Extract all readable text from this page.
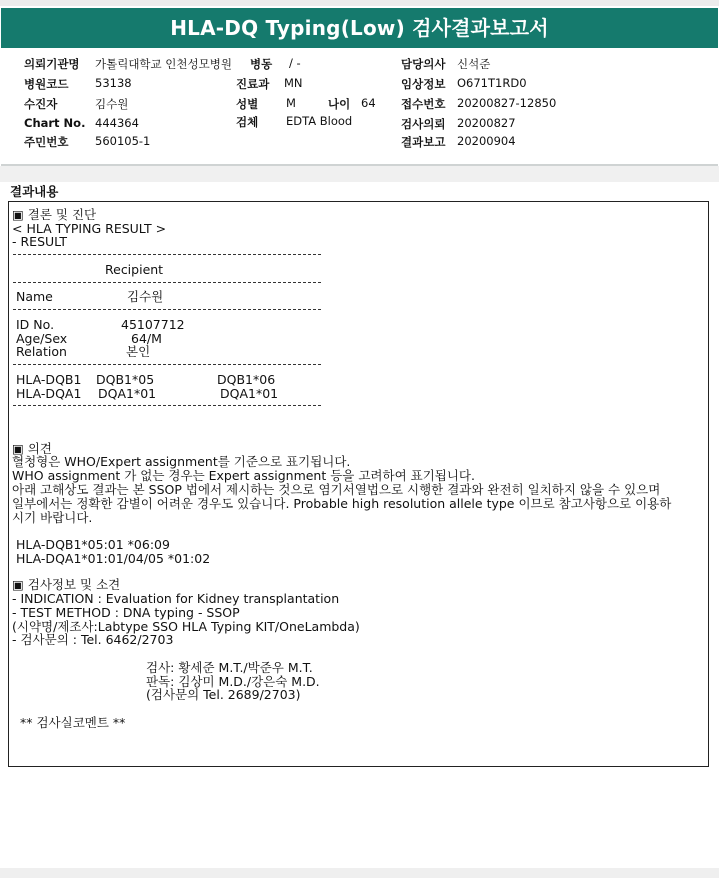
HLA-DQ Typing(Low) 검사결과보고서
의뢰기관명 가톨릭대학교 인천성모병원 병동 / -	담당의사 신석준
병원코드 53138	진료과 MN	임상정보 O671T1RD0
수진자	김수원	성별 M	나이 64 접수번호 20200827-12850
Chart No. 444364	검체 EDTA Blood	검사의뢰 20200827
주민번호 560105-1	결과보고 20200904
결과내용
▣ 결론 및 진단
< HLA TYPING RESULT >
- RESULT
Recipient
Name	김수원
ID No.	45107712
Age/Sex	64/M
Relation	본인
HLA-DQB1 DQB1*05	DQB1*06
HLA-DQA1 DQA1*01	DQA1*01
▣ 의견
혈청형은 WHO/Expert assignment를 기준으로 표기됩니다.
WHO assignment 가 없는 경우는 Expert assignment 등을 고려하여 표기됩니다.
아래 고해상도 결과는 본 SSOP 법에서 제시하는 것으로 염기서열법으로 시행한 결과와 완전히 일치하지 않을 수 있으며
일부에서는 정확한 감별이 어려운 경우도 있습니다. Probable high resolution allele type 이므로 참고사항으로 이용하
시기 바랍니다.
HLA-DQB1*05:01 *06:09
HLA-DQA1*01:01/04/05 *01:02
▣ 검사정보 및 소견
- INDICATION : Evaluation for Kidney transplantation
- TEST METHOD : DNA typing - SSOP
(시약명/제조사:Labtype SSO HLA Typing KIT/OneLambda)
- 검사문의 : Tel. 6462/2703
검사: 황세준 M.T./박준우 M.T.
판독: 김상미 M.D./강은숙 M.D.
(검사문의 Tel. 2689/2703)
** 검사실코멘트 **
